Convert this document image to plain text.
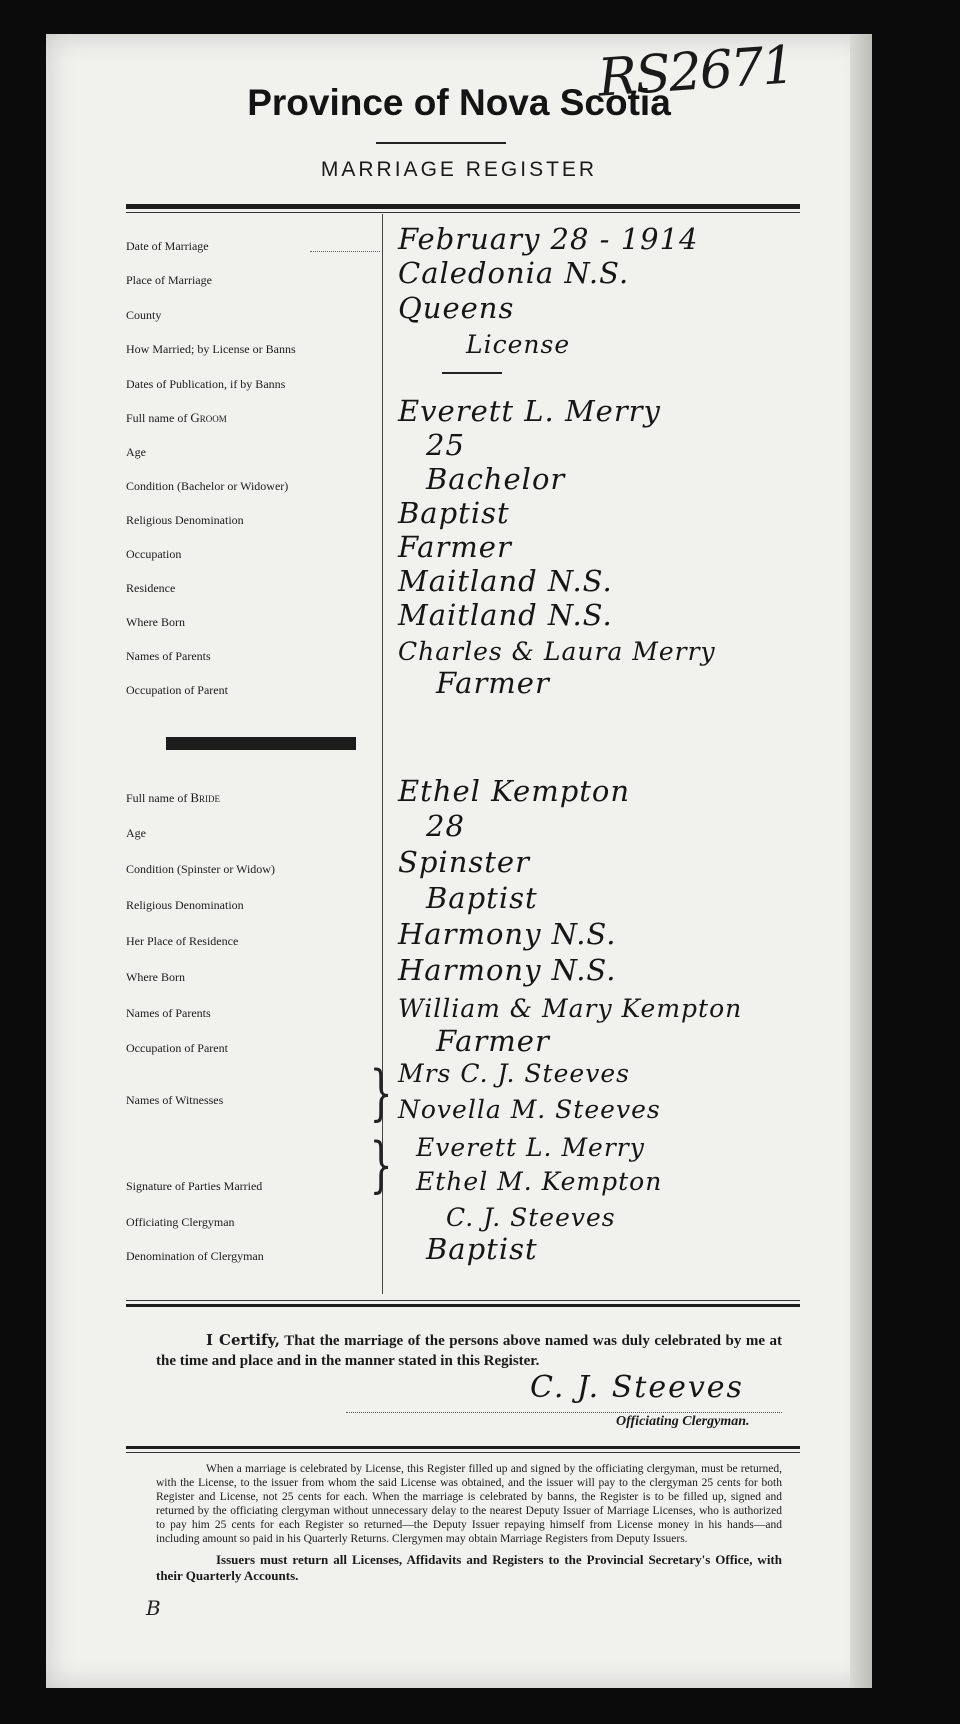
RS2671
Province of Nova Scotia
MARRIAGE REGISTER
Date of Marriage	February 28 - 1914
Place of Marriage	Caledonia N.S.
County	Queens
How Married; by License or Banns	License
Dates of Publication, if by Banns
Full name of Groom	Everett L. Merry
Age	25
Condition (Bachelor or Widower)	Bachelor
Religious Denomination	Baptist
Occupation	Farmer
Residence	Maitland N.S.
Where Born	Maitland N.S.
Names of Parents	Charles & Laura Merry
Occupation of Parent	Farmer
Full name of Bride	Ethel Kempton
Age	28
Condition (Spinster or Widow)	Spinster
Religious Denomination	Baptist
Her Place of Residence	Harmony N.S.
Where Born	Harmony N.S.
Names of Parents	William & Mary Kempton
Occupation of Parent	Farmer
Names of Witnesses	} Mrs C. J. Steeves
Novella M. Steeves
Signature of Parties Married	} Everett L. Merry
Ethel M. Kempton
Officiating Clergyman	C. J. Steeves
Denomination of Clergyman	Baptist
I Certify, That the marriage of the persons above named was duly celebrated by me at the time and place and in the manner stated in this Register.
C. J. Steeves
Officiating Clergyman.
When a marriage is celebrated by License, this Register filled up and signed by the officiating clergyman, must be returned, with the License, to the issuer from whom the said License was obtained, and the issuer will pay to the clergyman 25 cents for both Register and License, not 25 cents for each. When the marriage is celebrated by banns, the Register is to be filled up, signed and returned by the officiating clergyman without unnecessary delay to the nearest Deputy Issuer of Marriage Licenses, who is authorized to pay him 25 cents for each Register so returned—the Deputy Issuer repaying himself from License money in his hands—and including amount so paid in his Quarterly Returns. Clergymen may obtain Marriage Registers from Deputy Issuers.
Issuers must return all Licenses, Affidavits and Registers to the Provincial Secretary's Office, with their Quarterly Accounts.
B
